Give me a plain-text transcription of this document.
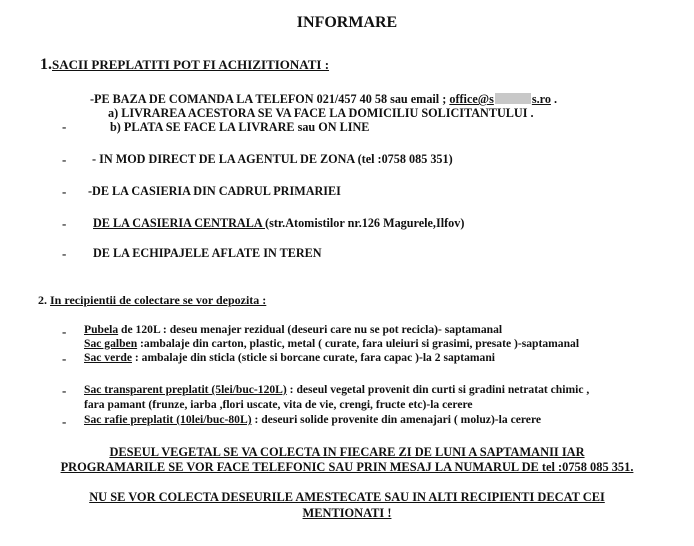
INFORMARE
1.SACII PREPLATITI POT FI ACHIZITIONATI :
-PE BAZA DE COMANDA LA TELEFON 021/457 40 58 sau email ; office@s	s.ro .
a) LIVRAREA ACESTORA SE VA FACE LA DOMICILIU SOLICITANTULUI .
-	b) PLATA SE FACE LA LIVRARE sau ON LINE
- - IN MOD DIRECT DE LA AGENTUL DE ZONA (tel :0758 085 351)
- -DE LA CASIERIA DIN CADRUL PRIMARIEI
- DE LA CASIERIA CENTRALA (str.Atomistilor nr.126 Magurele,Ilfov)
- DE LA ECHIPAJELE AFLATE IN TEREN
2. In recipientii de colectare se vor depozita :
- Pubela de 120L : deseu menajer rezidual (deseuri care nu se pot recicla)- saptamanal
Sac galben :ambalaje din carton, plastic, metal ( curate, fara uleiuri si grasimi, presate )-saptamanal
- Sac verde : ambalaje din sticla (sticle si borcane curate, fara capac )-la 2 saptamani
- Sac transparent preplatit (5lei/buc-120L) : deseul vegetal provenit din curti si gradini netratat chimic ,
fara pamant (frunze, iarba ,flori uscate, vita de vie, crengi, fructe etc)-la cerere
- Sac rafie preplatit (10lei/buc-80L) : deseuri solide provenite din amenajari ( moluz)-la cerere
DESEUL VEGETAL SE VA COLECTA IN FIECARE ZI DE LUNI A SAPTAMANII IAR
PROGRAMARILE SE VOR FACE TELEFONIC SAU PRIN MESAJ LA NUMARUL DE tel :0758 085 351.
NU SE VOR COLECTA DESEURILE AMESTECATE SAU IN ALTI RECIPIENTI DECAT CEI
MENTIONATI !
